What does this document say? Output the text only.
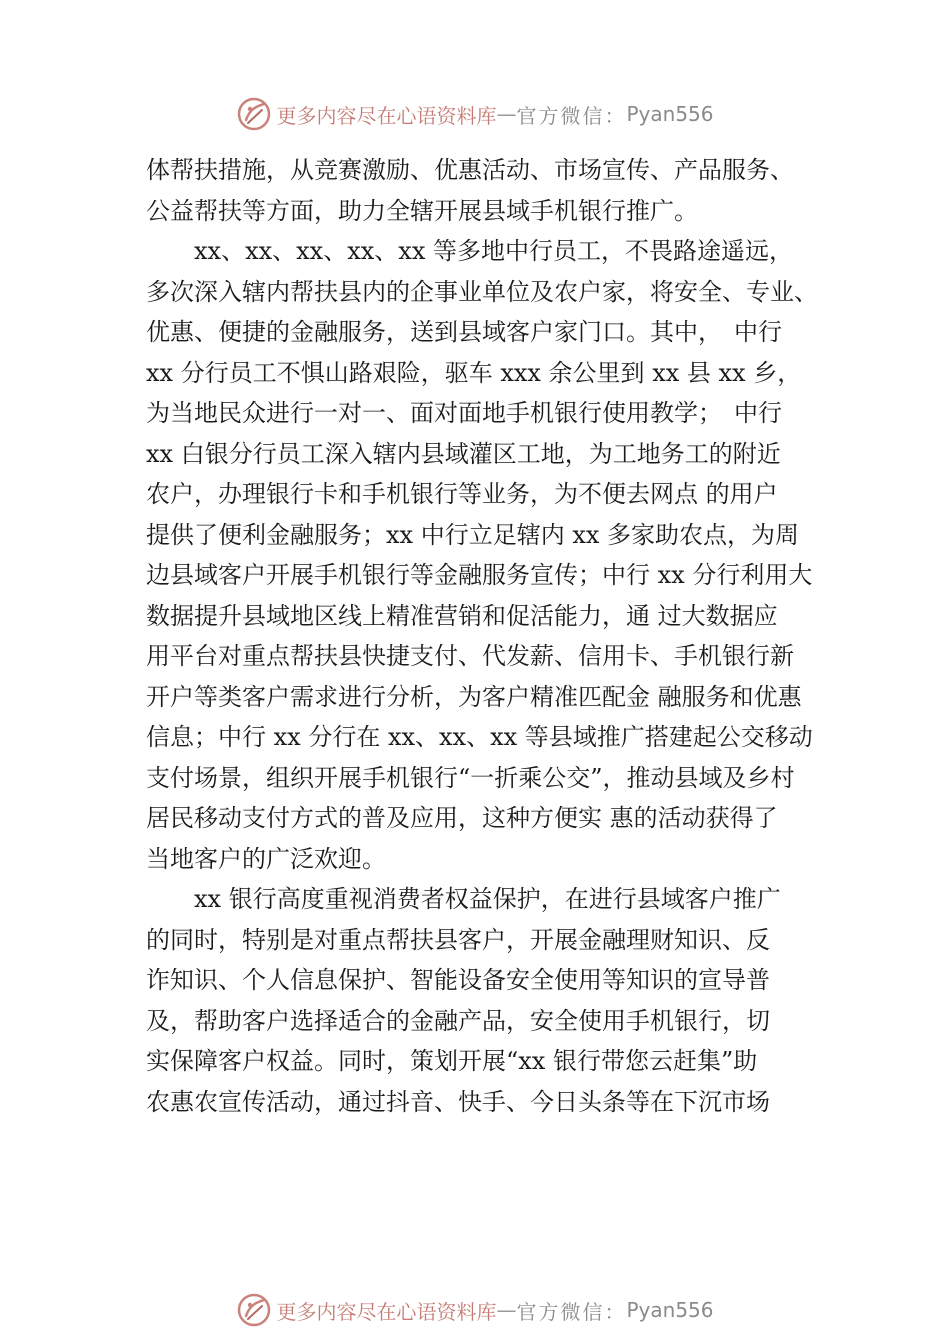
更多内容尽在心语资料库 — 官方微信： Pyan556
体帮扶措施，从竞赛激励、优惠活动、市场宣传、产品服务、
公益帮扶等方面，助力全辖开展县域手机银行推广。
xx、xx、xx、xx、xx 等多地中行员工，不畏路途遥远，
多次深入辖内帮扶县内的企事业单位及农户家，将安全、专业、
优惠、便捷的金融服务，送到县域客户家门口。其中，　中行
xx 分行员工不惧山路艰险，驱车 xxx 余公里到 xx 县 xx 乡，
为当地民众进行一对一、面对面地手机银行使用教学；　中行
xx 白银分行员工深入辖内县域灌区工地，为工地务工的附近
农户，办理银行卡和手机银行等业务，为不便去网点 的用户
提供了便利金融服务；xx 中行立足辖内 xx 多家助农点，为周
边县域客户开展手机银行等金融服务宣传；中行 xx 分行利用大
数据提升县域地区线上精准营销和促活能力，通 过大数据应
用平台对重点帮扶县快捷支付、代发薪、信用卡、手机银行新
开户等类客户需求进行分析，为客户精准匹配金 融服务和优惠
信息；中行 xx 分行在 xx、xx、xx 等县域推广搭建起公交移动
支付场景，组织开展手机银行“一折乘公交”，推动县域及乡村
居民移动支付方式的普及应用，这种方便实 惠的活动获得了
当地客户的广泛欢迎。
xx 银行高度重视消费者权益保护，在进行县域客户推广
的同时，特别是对重点帮扶县客户，开展金融理财知识、反
诈知识、个人信息保护、智能设备安全使用等知识的宣导普
及，帮助客户选择适合的金融产品，安全使用手机银行，切
实保障客户权益。同时，策划开展“xx 银行带您云赶集”助
农惠农宣传活动，通过抖音、快手、今日头条等在下沉市场
更多内容尽在心语资料库 — 官方微信： Pyan556
